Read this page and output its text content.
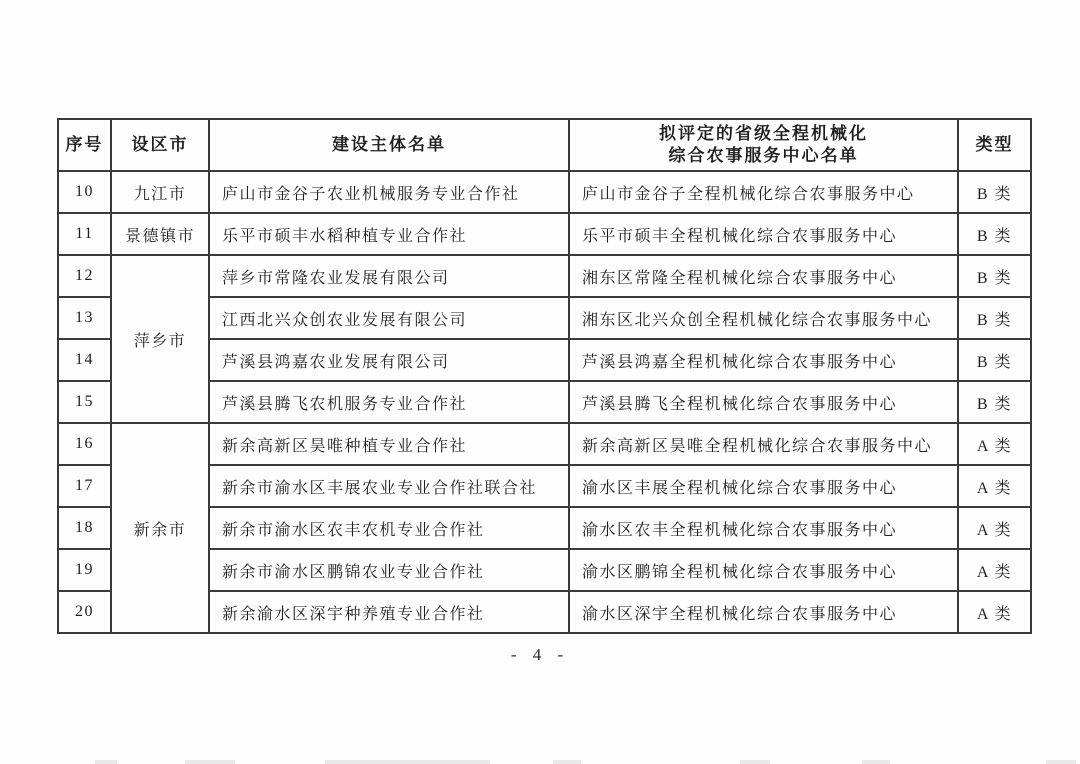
序号	设区市	建设主体名单	拟评定的省级全程机械化
综合农事服务中心名单	类型
10	九江市	庐山市金谷子农业机械服务专业合作社	庐山市金谷子全程机械化综合农事服务中心	B 类
11	景德镇市	乐平市硕丰水稻种植专业合作社	乐平市硕丰全程机械化综合农事服务中心	B 类
12	萍乡市	萍乡市常隆农业发展有限公司	湘东区常隆全程机械化综合农事服务中心	B 类
13		江西北兴众创农业发展有限公司	湘东区北兴众创全程机械化综合农事服务中心	B 类
14		芦溪县鸿嘉农业发展有限公司	芦溪县鸿嘉全程机械化综合农事服务中心	B 类
15		芦溪县腾飞农机服务专业合作社	芦溪县腾飞全程机械化综合农事服务中心	B 类
16	新余市	新余高新区昊唯种植专业合作社	新余高新区昊唯全程机械化综合农事服务中心	A 类
17		新余市渝水区丰展农业专业合作社联合社	渝水区丰展全程机械化综合农事服务中心	A 类
18		新余市渝水区农丰农机专业合作社	渝水区农丰全程机械化综合农事服务中心	A 类
19		新余市渝水区鹏锦农业专业合作社	渝水区鹏锦全程机械化综合农事服务中心	A 类
20		新余渝水区深宇种养殖专业合作社	渝水区深宇全程机械化综合农事服务中心	A 类
- 4 -
